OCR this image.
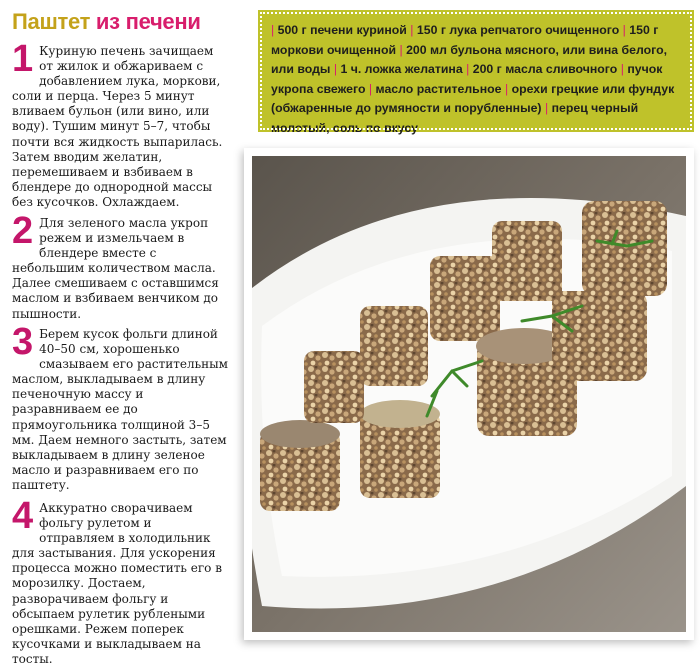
Паштет из печени
1 Куриную печень зачищаем от жилок и обжариваем с добавлением лука, моркови, соли и перца. Через 5 минут вливаем бульон (или вино, или воду). Тушим минут 5–7, чтобы почти вся жидкость выпарилась. Затем вводим желатин, перемешиваем и взбиваем в блендере до однородной массы без кусочков. Охлаждаем.

2 Для зеленого масла укроп режем и измельчаем в блендере вместе с небольшим количеством масла. Далее смешиваем с оставшимся маслом и взбиваем венчиком до пышности.

3 Берем кусок фольги длиной 40–50 см, хорошенько смазываем его растительным маслом, выкладываем в длину печеночную массу и разравниваем ее до прямоугольника толщиной 3–5 мм. Даем немного застыть, затем выкладываем в длину зеленое масло и разравниваем его по паштету.

4 Аккуратно сворачиваем фольгу рулетом и отправляем в холодильник для застывания. Для ускорения процесса можно поместить его в морозилку. Достаем, разворачиваем фольгу и обсыпаем рулетик рублеными орешками. Режем поперек кусочками и выкладываем на тосты.

| 500 г печени куриной | 150 г лука репчатого очищенного | 150 г моркови очищенной | 200 мл бульона мясного, или вина белого, или воды | 1 ч. ложка желатина | 200 г масла сливочного | пучок укропа свежего | масло растительное | орехи грецкие или фундук (обжаренные до румяности и порубленные) | перец черный молотый, соль по вкусу
